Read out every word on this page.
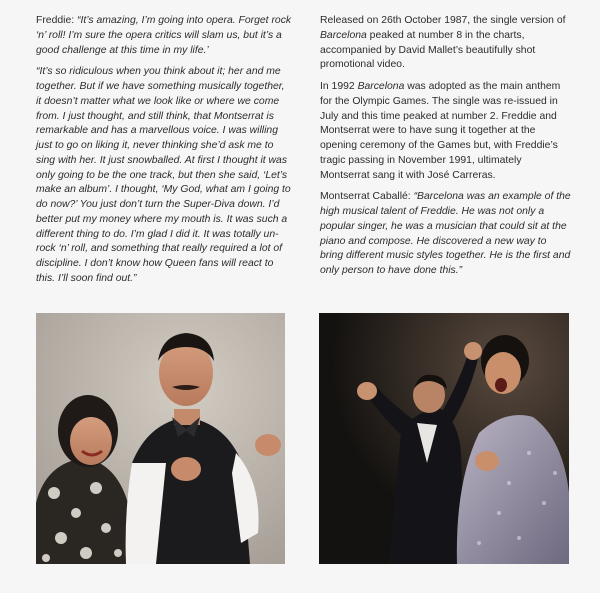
Freddie: “It’s amazing, I’m going into opera. Forget rock ‘n’ roll! I’m sure the opera critics will slam us, but it’s a good challenge at this time in my life.’

“It’s so ridiculous when you think about it; her and me together. But if we have something musically together, it doesn’t matter what we look like or where we come from. I just thought, and still think, that Montserrat is remarkable and has a marvellous voice. I was willing just to go on liking it, never thinking she’d ask me to sing with her. It just snowballed. At first I thought it was only going to be the one track, but then she said, ‘Let’s make an album’. I thought, ‘My God, what am I going to do now?’ You just don’t turn the Super-Diva down. I’d better put my money where my mouth is. It was such a different thing to do. I’m glad I did it. It was totally un-rock ‘n’ roll, and something that really required a lot of discipline. I don’t know how Queen fans will react to this. I’ll soon find out.”

Released on 26th October 1987, the single version of Barcelona peaked at number 8 in the charts, accompanied by David Mallet’s beautifully shot promotional video.

In 1992 Barcelona was adopted as the main anthem for the Olympic Games. The single was re-issued in July and this time peaked at number 2. Freddie and Montserrat were to have sung it together at the opening ceremony of the Games but, with Freddie’s tragic passing in November 1991, ultimately Montserrat sang it with José Carreras.

Montserrat Caballé: “Barcelona was an example of the high musical talent of Freddie. He was not only a popular singer, he was a musician that could sit at the piano and compose. He discovered a new way to bring different music styles together. He is the first and only person to have done this.”
